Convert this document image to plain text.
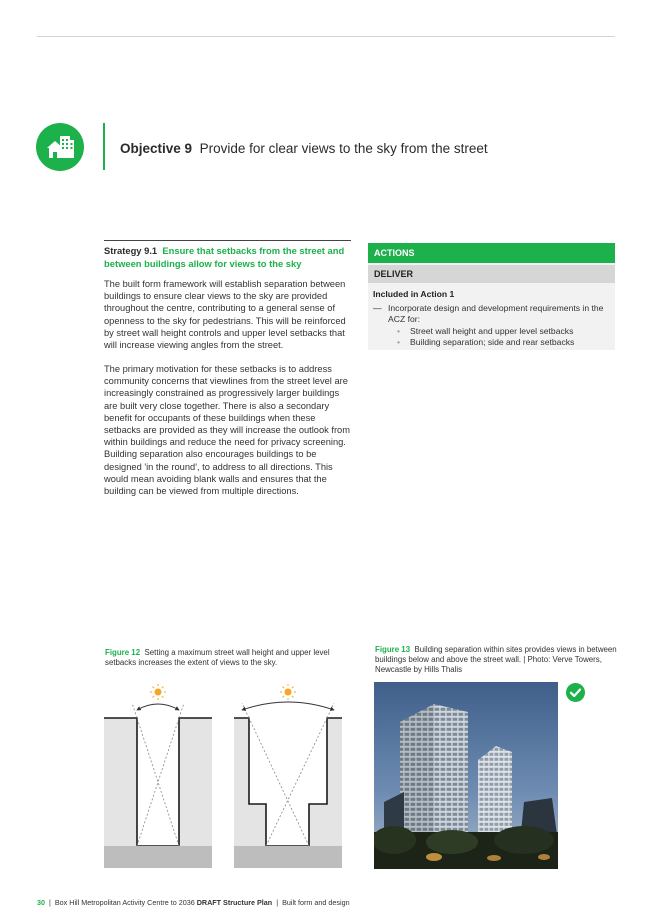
Objective 9 Provide for clear views to the sky from the street
Strategy 9.1 Ensure that setbacks from the street and between buildings allow for views to the sky
The built form framework will establish separation between buildings to ensure clear views to the sky are provided throughout the centre, contributing to a general sense of openness to the sky for pedestrians. This will be reinforced by street wall height controls and upper level setbacks that will increase viewing angles from the street.
The primary motivation for these setbacks is to address community concerns that viewlines from the street level are increasingly constrained as progressively larger buildings are built very close together. There is also a secondary benefit for occupants of these buildings when these setbacks are provided as they will increase the outlook from within buildings and reduce the need for privacy screening. Building separation also encourages buildings to be designed 'in the round', to address to all directions. This would mean avoiding blank walls and ensures that the building can be viewed from multiple directions.
ACTIONS
DELIVER
Included in Action 1
— Incorporate design and development requirements in the ACZ for:
• Street wall height and upper level setbacks
• Building separation; side and rear setbacks
Figure 12 Setting a maximum street wall height and upper level setbacks increases the extent of views to the sky.
Figure 13 Building separation within sites provides views in between buildings below and above the street wall. | Photo: Verve Towers, Newcastle by Hills Thalis
30 | Box Hill Metropolitan Activity Centre to 2036 DRAFT Structure Plan | Built form and design
